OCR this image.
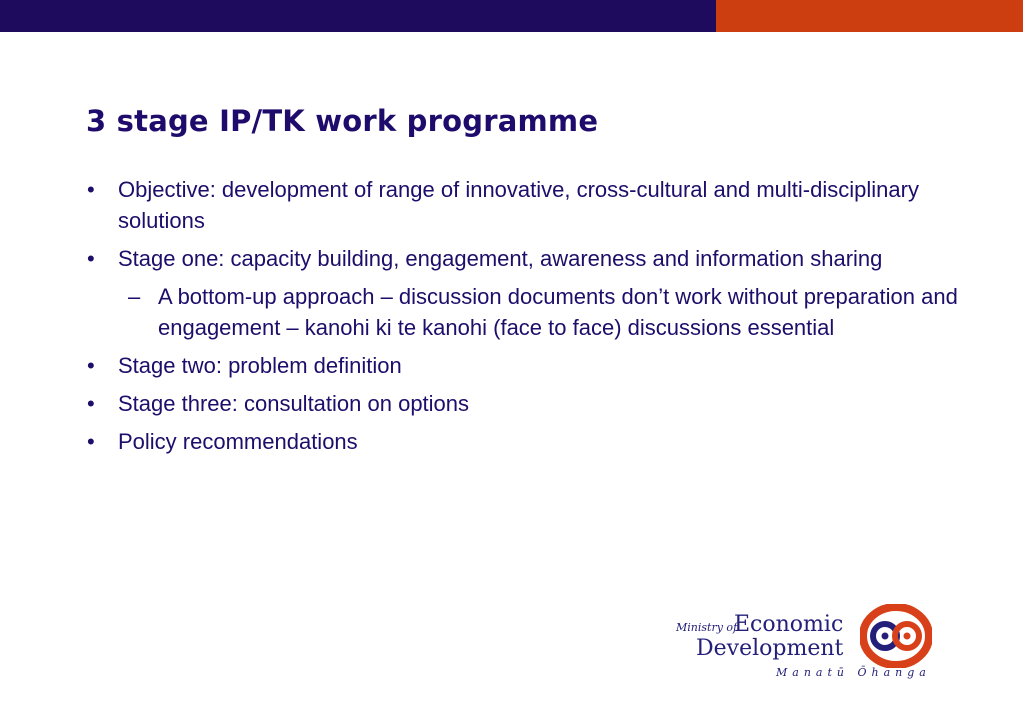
3 stage IP/TK work programme
• Objective: development of range of innovative, cross-cultural and multi-disciplinary solutions
• Stage one: capacity building, engagement, awareness and information sharing
– A bottom-up approach – discussion documents don’t work without preparation and engagement – kanohi ki te kanohi (face to face) discussions essential
• Stage two: problem definition
• Stage three: consultation on options
• Policy recommendations
Ministry of
Economic
Development
Manatū Ōhanga
